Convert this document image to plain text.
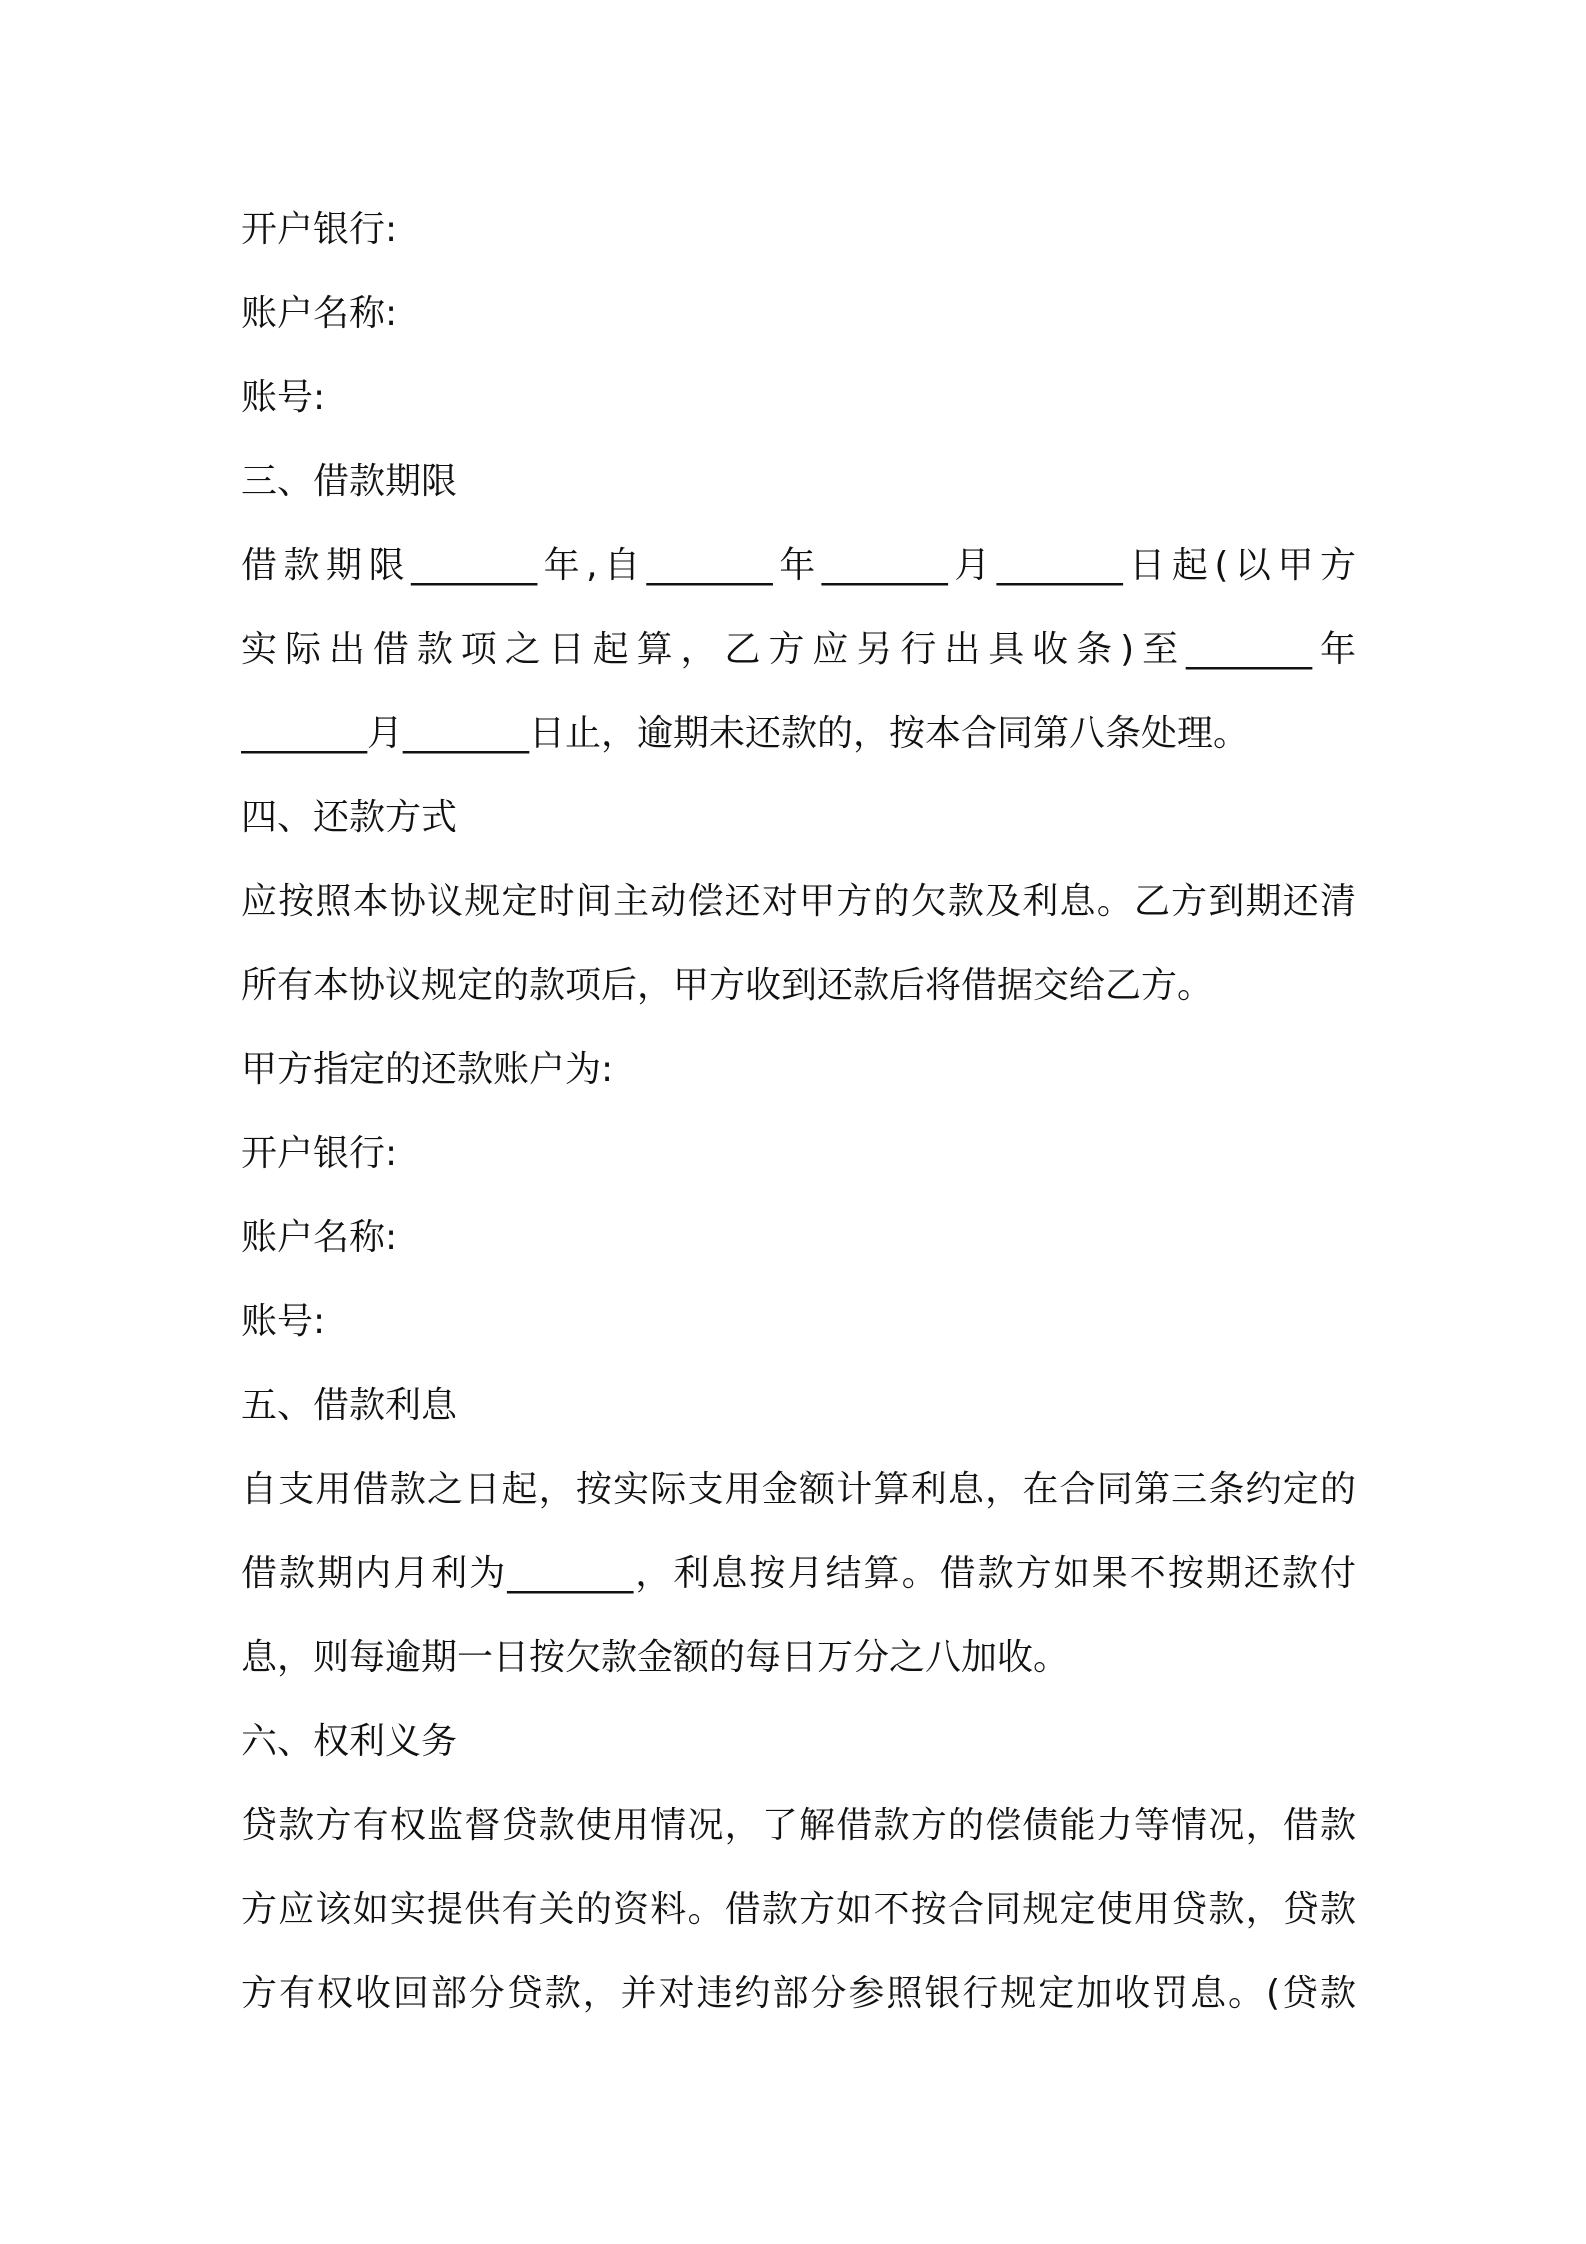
开户银行:
账户名称:
账号:
三、借款期限
借款期限_______年,自_______年_______月_______日起(以甲方
实际出借款项之日起算，乙方应另行出具收条)至_______年
_______月_______日止，逾期未还款的，按本合同第八条处理。
四、还款方式
应按照本协议规定时间主动偿还对甲方的欠款及利息。乙方到期还清
所有本协议规定的款项后，甲方收到还款后将借据交给乙方。
甲方指定的还款账户为:
开户银行:
账户名称:
账号:
五、借款利息
自支用借款之日起，按实际支用金额计算利息，在合同第三条约定的
借款期内月利为_______，利息按月结算。借款方如果不按期还款付
息，则每逾期一日按欠款金额的每日万分之八加收。
六、权利义务
贷款方有权监督贷款使用情况，了解借款方的偿债能力等情况，借款
方应该如实提供有关的资料。借款方如不按合同规定使用贷款，贷款
方有权收回部分贷款，并对违约部分参照银行规定加收罚息。(贷款
